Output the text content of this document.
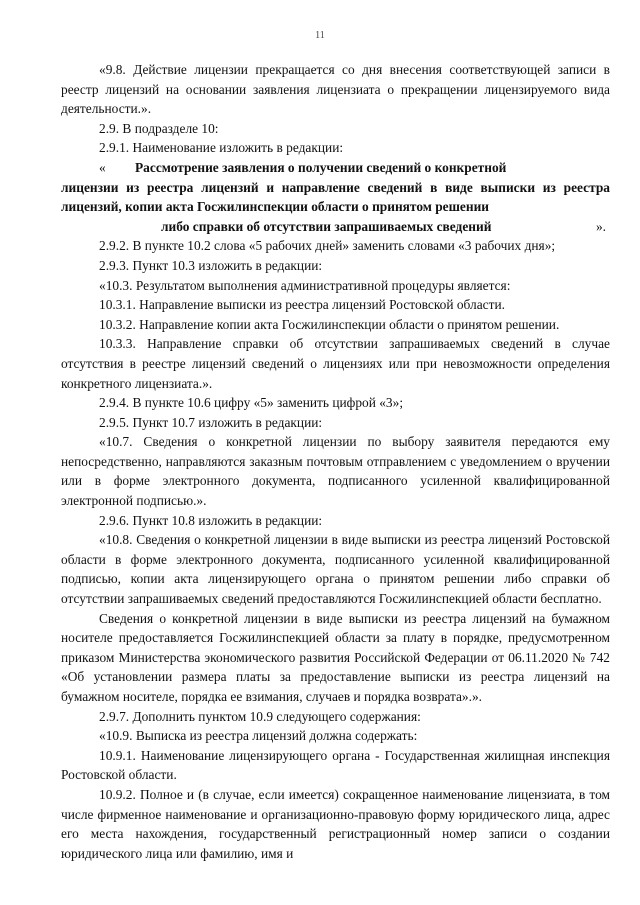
11

«9.8. Действие лицензии прекращается со дня внесения соответствующей записи в реестр лицензий на основании заявления лицензиата о прекращении лицензируемого вида деятельности.».

2.9. В подразделе 10:

2.9.1. Наименование изложить в редакции:

«	Рассмотрение заявления о получении сведений о конкретной
лицензии из реестра лицензий и направление сведений в виде выписки из реестра лицензий, копии акта Госжилинспекции области о принятом решении
либо справки об отсутствии запрашиваемых сведений	».

2.9.2. В пункте 10.2 слова «5 рабочих дней» заменить словами «3 рабочих дня»;

2.9.3. Пункт 10.3 изложить в редакции:

«10.3. Результатом выполнения административной процедуры является:

10.3.1. Направление выписки из реестра лицензий Ростовской области.

10.3.2. Направление копии акта Госжилинспекции области о принятом решении.

10.3.3. Направление справки об отсутствии запрашиваемых сведений в случае отсутствия в реестре лицензий сведений о лицензиях или при невозможности определения конкретного лицензиата.».

2.9.4. В пункте 10.6 цифру «5» заменить цифрой «3»;

2.9.5. Пункт 10.7 изложить в редакции:

«10.7. Сведения о конкретной лицензии по выбору заявителя передаются ему непосредственно, направляются заказным почтовым отправлением с уведомлением о вручении или в форме электронного документа, подписанного усиленной квалифицированной электронной подписью.».

2.9.6. Пункт 10.8 изложить в редакции:

«10.8. Сведения о конкретной лицензии в виде выписки из реестра лицензий Ростовской области в форме электронного документа, подписанного усиленной квалифицированной подписью, копии акта лицензирующего органа о принятом решении либо справки об отсутствии запрашиваемых сведений предоставляются Госжилинспекцией области бесплатно.

Сведения о конкретной лицензии в виде выписки из реестра лицензий на бумажном носителе предоставляется Госжилинспекцией области за плату в порядке, предусмотренном приказом Министерства экономического развития Российской Федерации от 06.11.2020 № 742 «Об установлении размера платы за предоставление выписки из реестра лицензий на бумажном носителе, порядка ее взимания, случаев и порядка возврата».».

2.9.7. Дополнить пунктом 10.9 следующего содержания:

«10.9. Выписка из реестра лицензий должна содержать:

10.9.1. Наименование лицензирующего органа - Государственная жилищная инспекция Ростовской области.

10.9.2. Полное и (в случае, если имеется) сокращенное наименование лицензиата, в том числе фирменное наименование и организационно-правовую форму юридического лица, адрес его места нахождения, государственный регистрационный номер записи о создании юридического лица или фамилию, имя и
